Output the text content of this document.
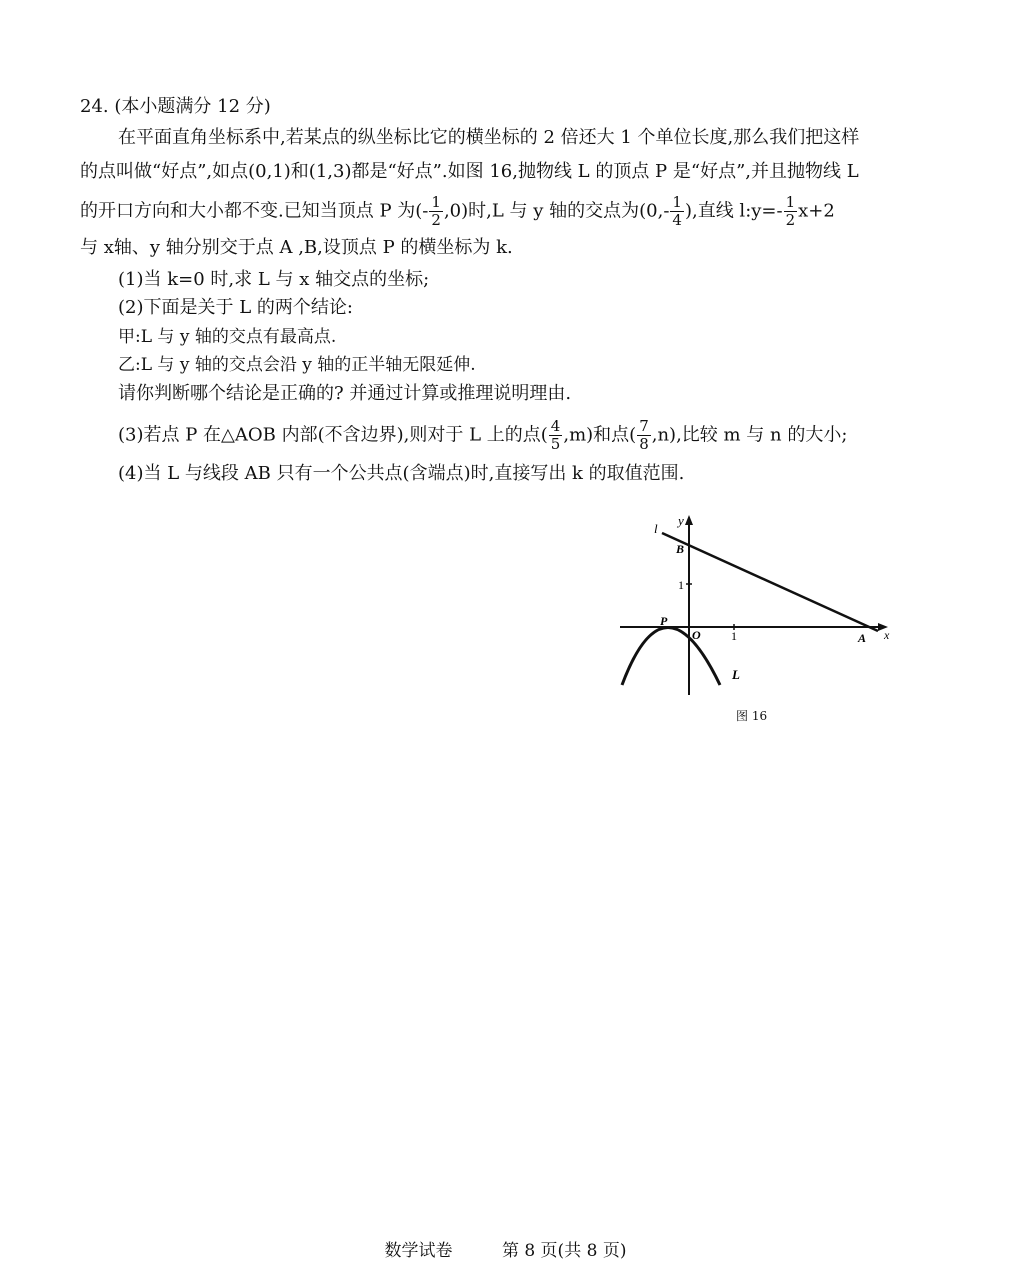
24. (本小题满分 12 分)
在平面直角坐标系中,若某点的纵坐标比它的横坐标的 2 倍还大 1 个单位长度,那么我们把这样
的点叫做“好点”,如点(0,1)和(1,3)都是“好点”.如图 16,抛物线 L 的顶点 P 是“好点”,并且抛物线 L
的开口方向和大小都不变.已知当顶点 P 为(- $\frac{1}{2} ,0$)时,L 与 y 轴的交点为($0,- \frac{1}{4}$ ),直线 l:y=- $\frac{1}{2} x+2$
与 x轴、y 轴分别交于点 A ,B,设顶点 P 的横坐标为 k.
(1)当 k=0 时,求 L 与 x 轴交点的坐标;
(2)下面是关于 L 的两个结论:
甲:L 与 y 轴的交点有最高点.
乙:L 与 y 轴的交点会沿 y 轴的正半轴无限延伸.
请你判断哪个结论是正确的? 并通过计算或推理说明理由.
(3)若点 P 在△AOB 内部(不含边界),则对于 L 上的点( $\frac{4}{5} ,m$)和点( $\frac{7}{8} ,n$),比较 m 与 n 的大小;
(4)当 L 与线段 AB 只有一个公共点(含端点)时,直接写出 k 的取值范围.
l
y
B
1
P
O	1	A x
L
图 16
数学试卷	第 8 页(共 8 页)
